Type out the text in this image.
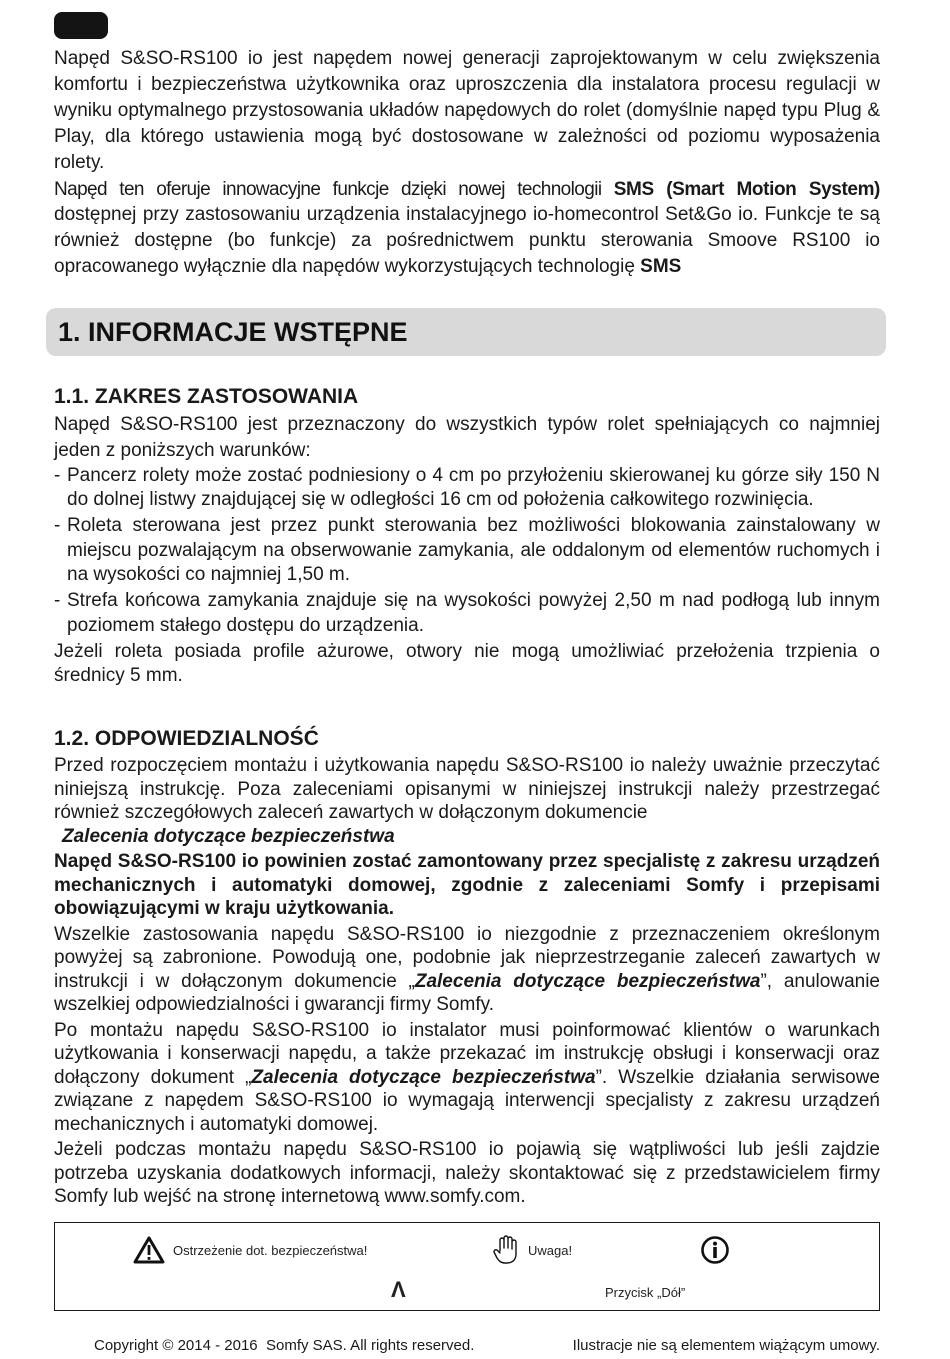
Napęd S&SO-RS100 io jest napędem nowej generacji zaprojektowanym w celu zwiększenia komfortu i bezpieczeństwa użytkownika oraz uproszczenia dla instalatora procesu regulacji w wyniku optymalnego przystosowania układów napędowych do rolet (domyślnie napęd typu Plug & Play, dla którego ustawienia mogą być dostosowane w zależności od poziomu wyposażenia rolety.

Napęd ten oferuje innowacyjne funkcje dzięki nowej technologii SMS (Smart Motion System) dostępnej przy zastosowaniu urządzenia instalacyjnego io-homecontrol Set&Go io. Funkcje te są również dostępne (bo funkcje) za pośrednictwem punktu sterowania Smoove RS100 io opracowanego wyłącznie dla napędów wykorzystujących technologię SMS

1. INFORMACJE WSTĘPNE
1.1. ZAKRES ZASTOSOWANIA

Napęd S&SO-RS100 jest przeznaczony do wszystkich typów rolet spełniających co najmniej jeden z poniższych warunków:

- Pancerz rolety może zostać podniesiony o 4 cm po przyłożeniu skierowanej ku górze siły 150 N do dolnej listwy znajdującej się w odległości 16 cm od położenia całkowitego rozwinięcia.
- Roleta sterowana jest przez punkt sterowania bez możliwości blokowania zainstalowany w miejscu pozwalającym na obserwowanie zamykania, ale oddalonym od elementów ruchomych i na wysokości co najmniej 1,50 m.
- Strefa końcowa zamykania znajduje się na wysokości powyżej 2,50 m nad podłogą lub innym poziomem stałego dostępu do urządzenia.

Jeżeli roleta posiada profile ażurowe, otwory nie mogą umożliwiać przełożenia trzpienia o średnicy 5 mm.

1.2. ODPOWIEDZIALNOŚĆ

Przed rozpoczęciem montażu i użytkowania napędu S&SO-RS100 io należy uważnie przeczytać niniejszą instrukcję. Poza zaleceniami opisanymi w niniejszej instrukcji należy przestrzegać również szczegółowych zaleceń zawartych w dołączonym dokumencie
Zalecenia dotyczące bezpieczeństwa

Napęd S&SO-RS100 io powinien zostać zamontowany przez specjalistę z zakresu urządzeń mechanicznych i automatyki domowej, zgodnie z zaleceniami Somfy i przepisami obowiązującymi w kraju użytkowania.

Wszelkie zastosowania napędu S&SO-RS100 io niezgodnie z przeznaczeniem określonym powyżej są zabronione. Powodują one, podobnie jak nieprzestrzeganie zaleceń zawartych w instrukcji i w dołączonym dokumencie „Zalecenia dotyczące bezpieczeństwa”, anulowanie wszelkiej odpowiedzialności i gwarancji firmy Somfy.

Po montażu napędu S&SO-RS100 io instalator musi poinformować klientów o warunkach użytkowania i konserwacji napędu, a także przekazać im instrukcję obsługi i konserwacji oraz dołączony dokument „Zalecenia dotyczące bezpieczeństwa”. Wszelkie działania serwisowe związane z napędem S&SO-RS100 io wymagają interwencji specjalisty z zakresu urządzeń mechanicznych i automatyki domowej.

Jeżeli podczas montażu napędu S&SO-RS100 io pojawią się wątpliwości lub jeśli zajdzie potrzeba uzyskania dodatkowych informacji, należy skontaktować się z przedstawicielem firmy Somfy lub wejść na stronę internetową www.somfy.com.

Ostrzeżenie dot. bezpieczeństwa!	Uwaga!
Λ	Przycisk „Dół”
Copyright © 2014 - 2016  Somfy SAS. All rights reserved.	Ilustracje nie są elementem wiążącym umowy.
